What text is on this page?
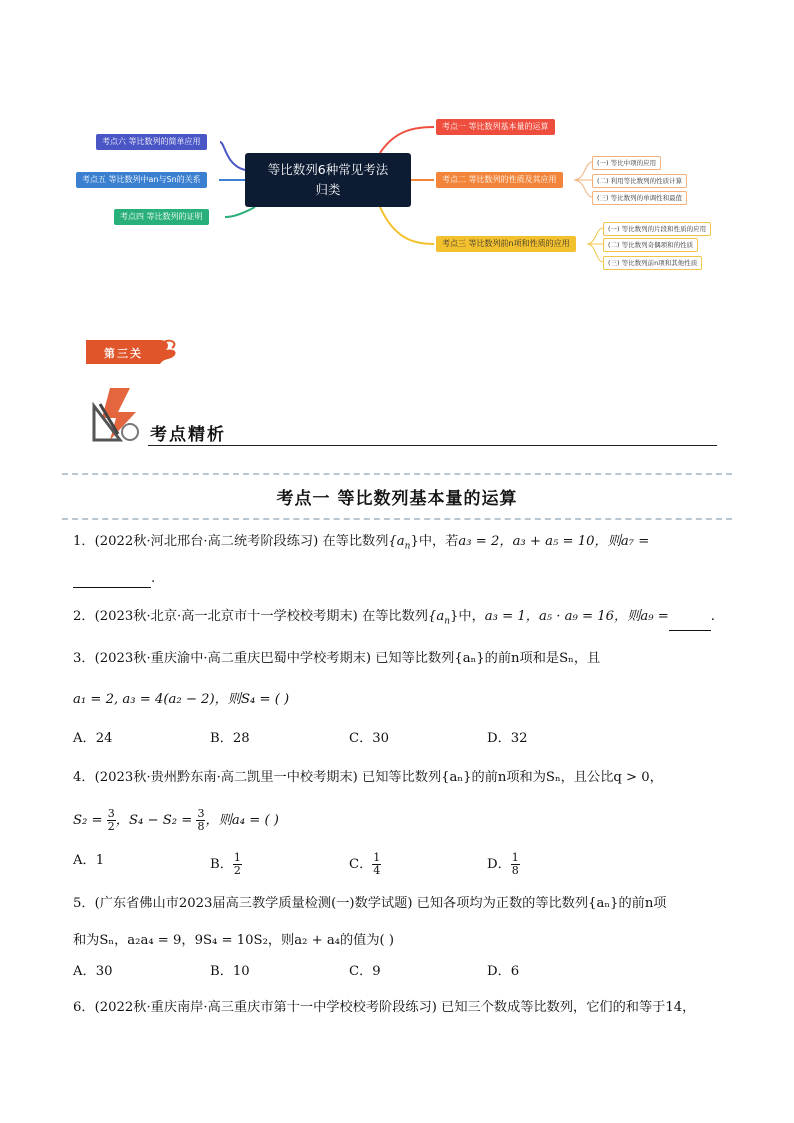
等比数列6种常见考法
归类
考点六 等比数列的简单应用
考点五 等比数列中an与Sn的关系
考点四 等比数列的证明
考点一 等比数列基本量的运算
考点二 等比数列的性质及其应用
考点三 等比数列前n项和性质的应用
(一) 等比中项的应用
(二) 利用等比数列的性质计算
(三) 等比数列的单调性和最值
(一) 等比数列的片段和性质的应用
(二) 等比数列奇偶项和的性质
(三) 等比数列前n项和其他性质
第三关
考点精析
考点一 等比数列基本量的运算
1．(2022秋·河北邢台·高二统考阶段练习) 在等比数列$\{a_n\}$中，若a₃ = 2，a₃ + a₅ = 10，则a₇ =
.
2．(2023秋·北京·高一北京市十一学校校考期末) 在等比数列$\{a_n\}$中，a₃ = 1，a₅ · a₉ = 16，则a₉ =	.
3．(2023秋·重庆渝中·高二重庆巴蜀中学校考期末) 已知等比数列{aₙ}的前n项和是Sₙ，且
a₁ = 2, a₃ = 4(a₂ − 2)，则S₄ = ( )
A．24	B．28	C．30	D．32
4．(2023秋·贵州黔东南·高二凯里一中校考期末) 已知等比数列{aₙ}的前n项和为Sₙ，且公比q > 0，
$S_2 = \frac{3}{2}$ ，$S_4 - S_2 = \frac{3}{8}$ ，则a₄ = ( )
A．1	B． $\frac{1}{2}$	C． $\frac{1}{4}$	D． $\frac{1}{8}$
5．(广东省佛山市2023届高三教学质量检测(一)数学试题) 已知各项均为正数的等比数列{aₙ}的前n项
和为Sₙ，a₂a₄ = 9，9S₄ = 10S₂，则a₂ + a₄的值为( )
A．30	B．10	C．9	D．6
6．(2022秋·重庆南岸·高三重庆市第十一中学校校考阶段练习) 已知三个数成等比数列，它们的和等于14，
